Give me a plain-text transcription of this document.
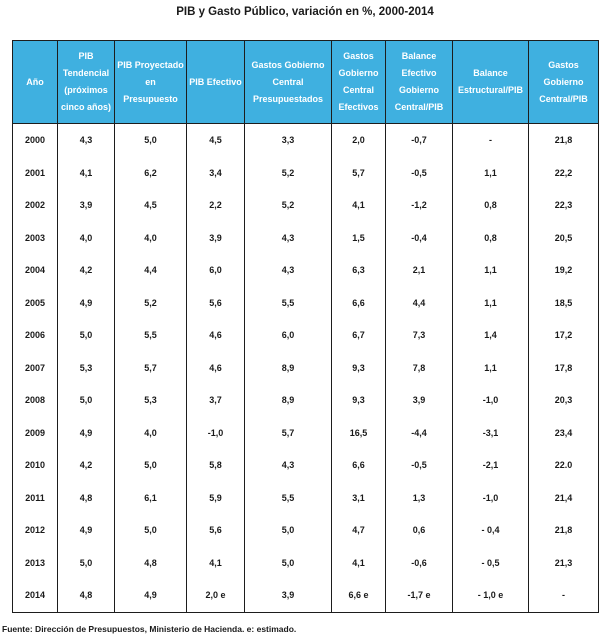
PIB y Gasto Público, variación en %, 2000-2014
Año	PIB Tendencial (próximos cinco años)	PIB Proyectado en Presupuesto	PIB Efectivo	Gastos Gobierno Central Presupuestados	Gastos Gobierno Central Efectivos	Balance Efectivo Gobierno Central/PIB	Balance Estructural/PIB	Gastos Gobierno Central/PIB
2000	4,3	5,0	4,5	3,3	2,0	-0,7	-	21,8
2001	4,1	6,2	3,4	5,2	5,7	-0,5	1,1	22,2
2002	3,9	4,5	2,2	5,2	4,1	-1,2	0,8	22,3
2003	4,0	4,0	3,9	4,3	1,5	-0,4	0,8	20,5
2004	4,2	4,4	6,0	4,3	6,3	2,1	1,1	19,2
2005	4,9	5,2	5,6	5,5	6,6	4,4	1,1	18,5
2006	5,0	5,5	4,6	6,0	6,7	7,3	1,4	17,2
2007	5,3	5,7	4,6	8,9	9,3	7,8	1,1	17,8
2008	5,0	5,3	3,7	8,9	9,3	3,9	-1,0	20,3
2009	4,9	4,0	-1,0	5,7	16,5	-4,4	-3,1	23,4
2010	4,2	5,0	5,8	4,3	6,6	-0,5	-2,1	22.0
2011	4,8	6,1	5,9	5,5	3,1	1,3	-1,0	21,4
2012	4,9	5,0	5,6	5,0	4,7	0,6	- 0,4	21,8
2013	5,0	4,8	4,1	5,0	4,1	-0,6	- 0,5	21,3
2014	4,8	4,9	2,0 e	3,9	6,6 e	-1,7 e	- 1,0 e	-
Fuente: Dirección de Presupuestos, Ministerio de Hacienda. e: estimado.
